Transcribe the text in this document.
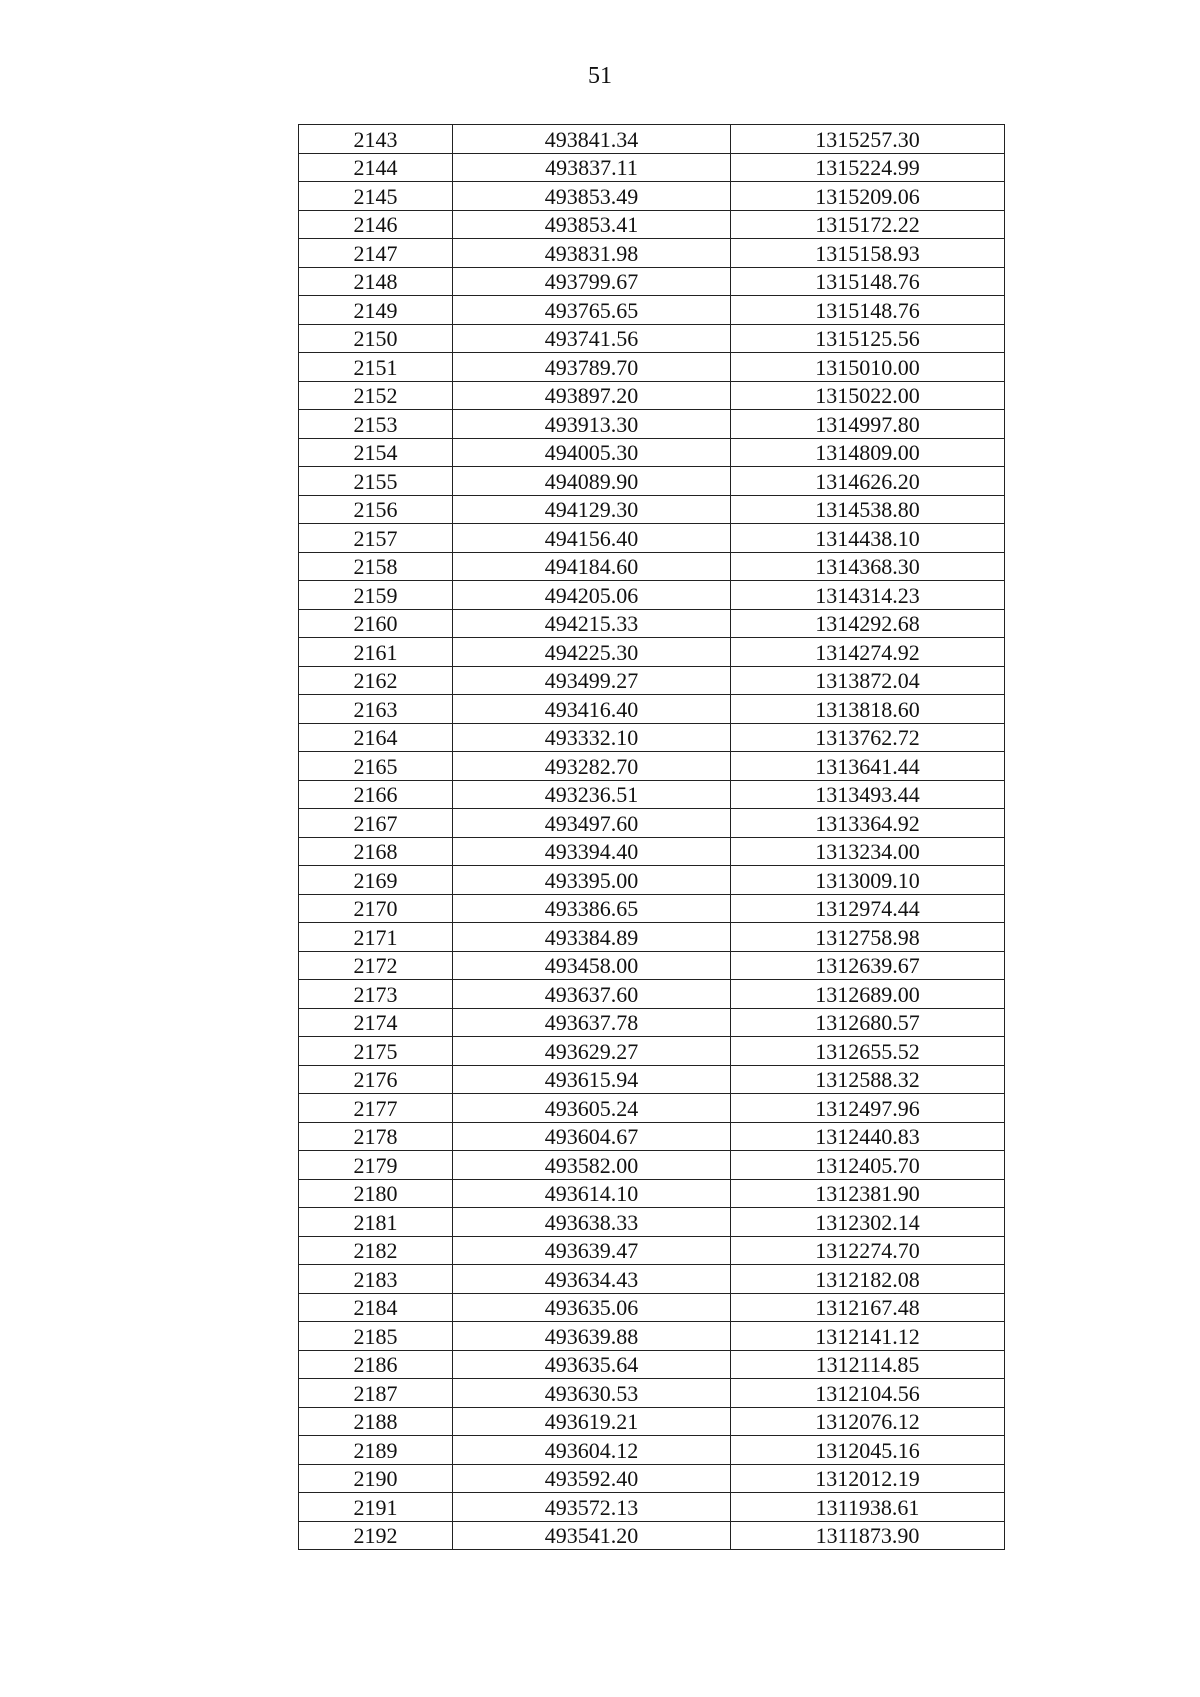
51
2143	493841.34	1315257.30
2144	493837.11	1315224.99
2145	493853.49	1315209.06
2146	493853.41	1315172.22
2147	493831.98	1315158.93
2148	493799.67	1315148.76
2149	493765.65	1315148.76
2150	493741.56	1315125.56
2151	493789.70	1315010.00
2152	493897.20	1315022.00
2153	493913.30	1314997.80
2154	494005.30	1314809.00
2155	494089.90	1314626.20
2156	494129.30	1314538.80
2157	494156.40	1314438.10
2158	494184.60	1314368.30
2159	494205.06	1314314.23
2160	494215.33	1314292.68
2161	494225.30	1314274.92
2162	493499.27	1313872.04
2163	493416.40	1313818.60
2164	493332.10	1313762.72
2165	493282.70	1313641.44
2166	493236.51	1313493.44
2167	493497.60	1313364.92
2168	493394.40	1313234.00
2169	493395.00	1313009.10
2170	493386.65	1312974.44
2171	493384.89	1312758.98
2172	493458.00	1312639.67
2173	493637.60	1312689.00
2174	493637.78	1312680.57
2175	493629.27	1312655.52
2176	493615.94	1312588.32
2177	493605.24	1312497.96
2178	493604.67	1312440.83
2179	493582.00	1312405.70
2180	493614.10	1312381.90
2181	493638.33	1312302.14
2182	493639.47	1312274.70
2183	493634.43	1312182.08
2184	493635.06	1312167.48
2185	493639.88	1312141.12
2186	493635.64	1312114.85
2187	493630.53	1312104.56
2188	493619.21	1312076.12
2189	493604.12	1312045.16
2190	493592.40	1312012.19
2191	493572.13	1311938.61
2192	493541.20	1311873.90
